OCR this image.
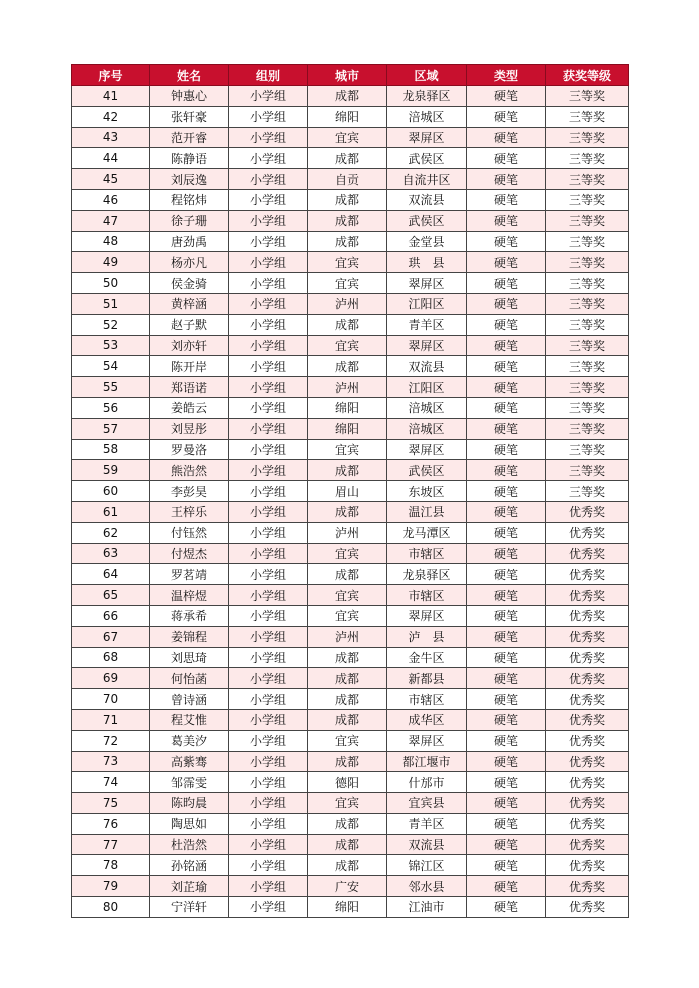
序号	姓名	组别	城市	区域	类型	获奖等级
41	钟惠心	小学组	成都	龙泉驿区	硬笔	三等奖
42	张轩豪	小学组	绵阳	涪城区	硬笔	三等奖
43	范开睿	小学组	宜宾	翠屏区	硬笔	三等奖
44	陈静语	小学组	成都	武侯区	硬笔	三等奖
45	刘辰逸	小学组	自贡	自流井区	硬笔	三等奖
46	程铭炜	小学组	成都	双流县	硬笔	三等奖
47	徐子珊	小学组	成都	武侯区	硬笔	三等奖
48	唐劲禹	小学组	成都	金堂县	硬笔	三等奖
49	杨亦凡	小学组	宜宾	珙　县	硬笔	三等奖
50	侯金骑	小学组	宜宾	翠屏区	硬笔	三等奖
51	黄梓涵	小学组	泸州	江阳区	硬笔	三等奖
52	赵子默	小学组	成都	青羊区	硬笔	三等奖
53	刘亦轩	小学组	宜宾	翠屏区	硬笔	三等奖
54	陈开岸	小学组	成都	双流县	硬笔	三等奖
55	郑语诺	小学组	泸州	江阳区	硬笔	三等奖
56	姜皓云	小学组	绵阳	涪城区	硬笔	三等奖
57	刘昱彤	小学组	绵阳	涪城区	硬笔	三等奖
58	罗曼洛	小学组	宜宾	翠屏区	硬笔	三等奖
59	熊浩然	小学组	成都	武侯区	硬笔	三等奖
60	李彭昊	小学组	眉山	东坡区	硬笔	三等奖
61	王梓乐	小学组	成都	温江县	硬笔	优秀奖
62	付钰然	小学组	泸州	龙马潭区	硬笔	优秀奖
63	付煜杰	小学组	宜宾	市辖区	硬笔	优秀奖
64	罗茗靖	小学组	成都	龙泉驿区	硬笔	优秀奖
65	温梓煜	小学组	宜宾	市辖区	硬笔	优秀奖
66	蒋承希	小学组	宜宾	翠屏区	硬笔	优秀奖
67	姜锦程	小学组	泸州	泸　县	硬笔	优秀奖
68	刘思琦	小学组	成都	金牛区	硬笔	优秀奖
69	何怡菡	小学组	成都	新都县	硬笔	优秀奖
70	曾诗涵	小学组	成都	市辖区	硬笔	优秀奖
71	程艾惟	小学组	成都	成华区	硬笔	优秀奖
72	葛美汐	小学组	宜宾	翠屏区	硬笔	优秀奖
73	高紫骞	小学组	成都	都江堰市	硬笔	优秀奖
74	邹霈雯	小学组	德阳	什邡市	硬笔	优秀奖
75	陈昀晨	小学组	宜宾	宜宾县	硬笔	优秀奖
76	陶思如	小学组	成都	青羊区	硬笔	优秀奖
77	杜浩然	小学组	成都	双流县	硬笔	优秀奖
78	孙铭涵	小学组	成都	锦江区	硬笔	优秀奖
79	刘芷瑜	小学组	广安	邻水县	硬笔	优秀奖
80	宁洋轩	小学组	绵阳	江油市	硬笔	优秀奖
